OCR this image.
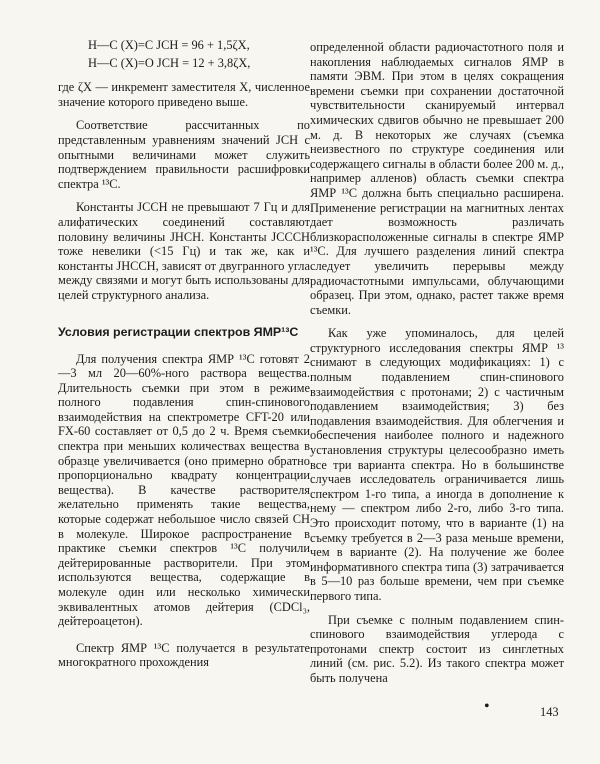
H—C (X)=C JСН = 96 + 1,5ζХ,
H—C (X)=O JСН = 12 + 3,8ζХ,

где ζХ — инкремент заместителя X, численное значение которого приведено выше.

Соответствие рассчитанных по представленным уравнениям значений JСН с опытными величинами может служить подтверждением правильности расшифровки спектра ¹³C.

Константы JССН не превышают 7 Гц и для алифатических соединений составляют половину величины JНСН. Константы JСССН тоже невелики (<15 Гц) и так же, как и константы JНССН, зависят от двугранного угла между связями и могут быть использованы для целей структурного анализа.

Условия регистрации спектров ЯМР¹³C

Для получения спектра ЯМР ¹³C готовят 2—3 мл 20—60%-ного раствора вещества. Длительность съемки при этом в режиме полного подавления спин-спинового взаимодействия на спектрометре CFT-20 или FX-60 составляет от 0,5 до 2 ч. Время съемки спектра при меньших количествах вещества в образце увеличивается (оно примерно обратно пропорционально квадрату концентрации вещества). В качестве растворителя желательно применять такие вещества, которые содержат небольшое число связей CH в молекуле. Широкое распространение в практике съемки спектров ¹³C получили дейтерированные растворители. При этом используются вещества, содержащие в молекуле один или несколько химически эквивалентных атомов дейтерия (CDCl₃, дейтероацетон).

Спектр ЯМР ¹³C получается в результате многократного прохождения

определенной области радиочастотного поля и накопления наблюдаемых сигналов ЯМР в памяти ЭВМ. При этом в целях сокращения времени съемки при сохранении достаточной чувствительности сканируемый интервал химических сдвигов обычно не превышает 200 м. д. В некоторых же случаях (съемка неизвестного по структуре соединения или содержащего сигналы в области более 200 м. д., например алленов) область съемки спектра ЯМР ¹³C должна быть специально расширена. Применение регистрации на магнитных лентах дает возможность различать близкорасположенные сигналы в спектре ЯМР ¹³C. Для лучшего разделения линий спектра следует увеличить перерывы между радиочастотными импульсами, облучающими образец. При этом, однако, растет также время съемки.

Как уже упоминалось, для целей структурного исследования спектры ЯМР ¹³ снимают в следующих модификациях: 1) с полным подавлением спин-спинового взаимодействия с протонами; 2) с частичным подавлением взаимодействия; 3) без подавления взаимодействия. Для облегчения и обеспечения наиболее полного и надежного установления структуры целесообразно иметь все три варианта спектра. Но в большинстве случаев исследователь ограничивается лишь спектром 1-го типа, а иногда в дополнение к нему — спектром либо 2-го, либо 3-го типа. Это происходит потому, что в варианте (1) на съемку требуется в 2—3 раза меньше времени, чем в варианте (2). На получение же более информативного спектра типа (3) затрачивается в 5—10 раз больше времени, чем при съемке первого типа.

При съемке с полным подавлением спин-спинового взаимодействия углерода с протонами спектр состоит из синглетных линий (см. рис. 5.2). Из такого спектра может быть получена

•	143
